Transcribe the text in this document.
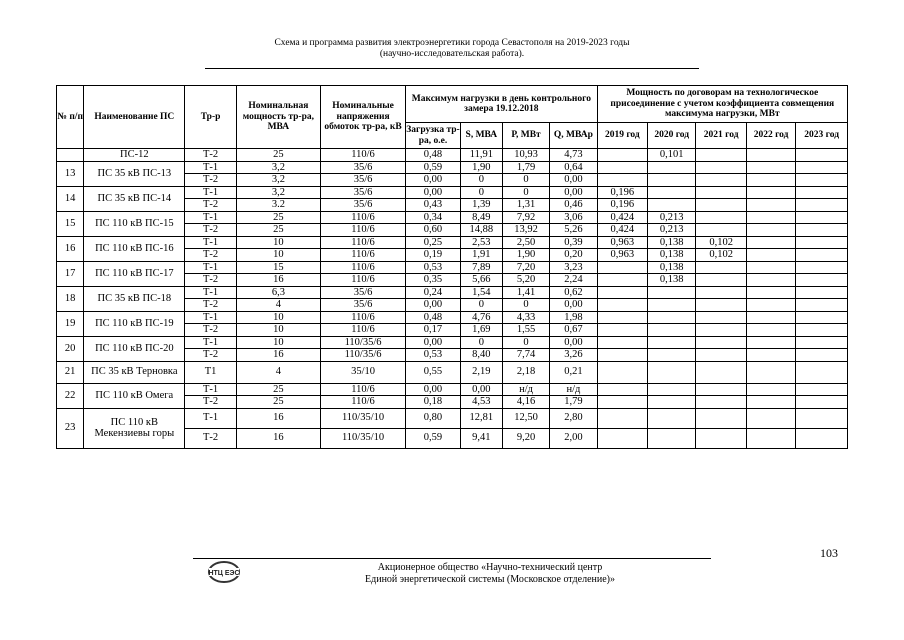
Схема и программа развития электроэнергетики города Севастополя на 2019-2023 годы
(научно-исследовательская работа).
№ п/п	Наименование ПС	Тр-р	Номинальная мощность тр-ра, МВА	Номинальные напряжения обмоток тр-ра, кВ	Максимум нагрузки в день контрольного замера 19.12.2018				Мощность по договорам на технологическое присоединение с учетом коэффициента совмещения максимума нагрузки, МВт				
					Загрузка тр-ра, о.е.	S, МВА	Р, МВт	Q, МВАр	2019 год	2020 год	2021 год	2022 год	2023 год
	ПС-12	Т-2	25	110/6	0,48	11,91	10,93	4,73		0,101			
13	ПС 35 кВ ПС-13	Т-1	3,2	35/6	0,59	1,90	1,79	0,64					
		Т-2	3,2	35/6	0,00	0	0	0,00					
14	ПС 35 кВ ПС-14	Т-1	3,2	35/6	0,00	0	0	0,00	0,196				
		Т-2	3.2	35/6	0,43	1,39	1,31	0,46	0,196				
15	ПС 110 кВ ПС-15	Т-1	25	110/6	0,34	8,49	7,92	3,06	0,424	0,213			
		Т-2	25	110/6	0,60	14,88	13,92	5,26	0,424	0,213			
16	ПС 110 кВ ПС-16	Т-1	10	110/6	0,25	2,53	2,50	0,39	0,963	0,138	0,102		
		Т-2	10	110/6	0,19	1,91	1,90	0,20	0,963	0,138	0,102		
17	ПС 110 кВ ПС-17	Т-1	15	110/6	0,53	7,89	7,20	3,23		0,138			
		Т-2	16	110/6	0,35	5,66	5,20	2,24		0,138			
18	ПС 35 кВ ПС-18	Т-1	6,3	35/6	0,24	1,54	1,41	0,62					
		Т-2	4	35/6	0,00	0	0	0,00					
19	ПС 110 кВ ПС-19	Т-1	10	110/6	0,48	4,76	4,33	1,98					
		Т-2	10	110/6	0,17	1,69	1,55	0,67					
20	ПС 110 кВ ПС-20	Т-1	10	110/35/6	0,00	0	0	0,00					
		Т-2	16	110/35/6	0,53	8,40	7,74	3,26					
21	ПС 35 кВ Терновка	Т1	4	35/10	0,55	2,19	2,18	0,21					
22	ПС 110 кВ Омега	Т-1	25	110/6	0,00	0,00	н/д	н/д					
		Т-2	25	110/6	0,18	4,53	4,16	1,79					
23	ПС 110 кВ Мекензиевы горы	Т-1	16	110/35/10	0,80	12,81	12,50	2,80					
		Т-2	16	110/35/10	0,59	9,41	9,20	2,00					
103
НТЦ ЕЭС
Акционерное общество «Научно-технический центр
Единой энергетической системы (Московское отделение)»
